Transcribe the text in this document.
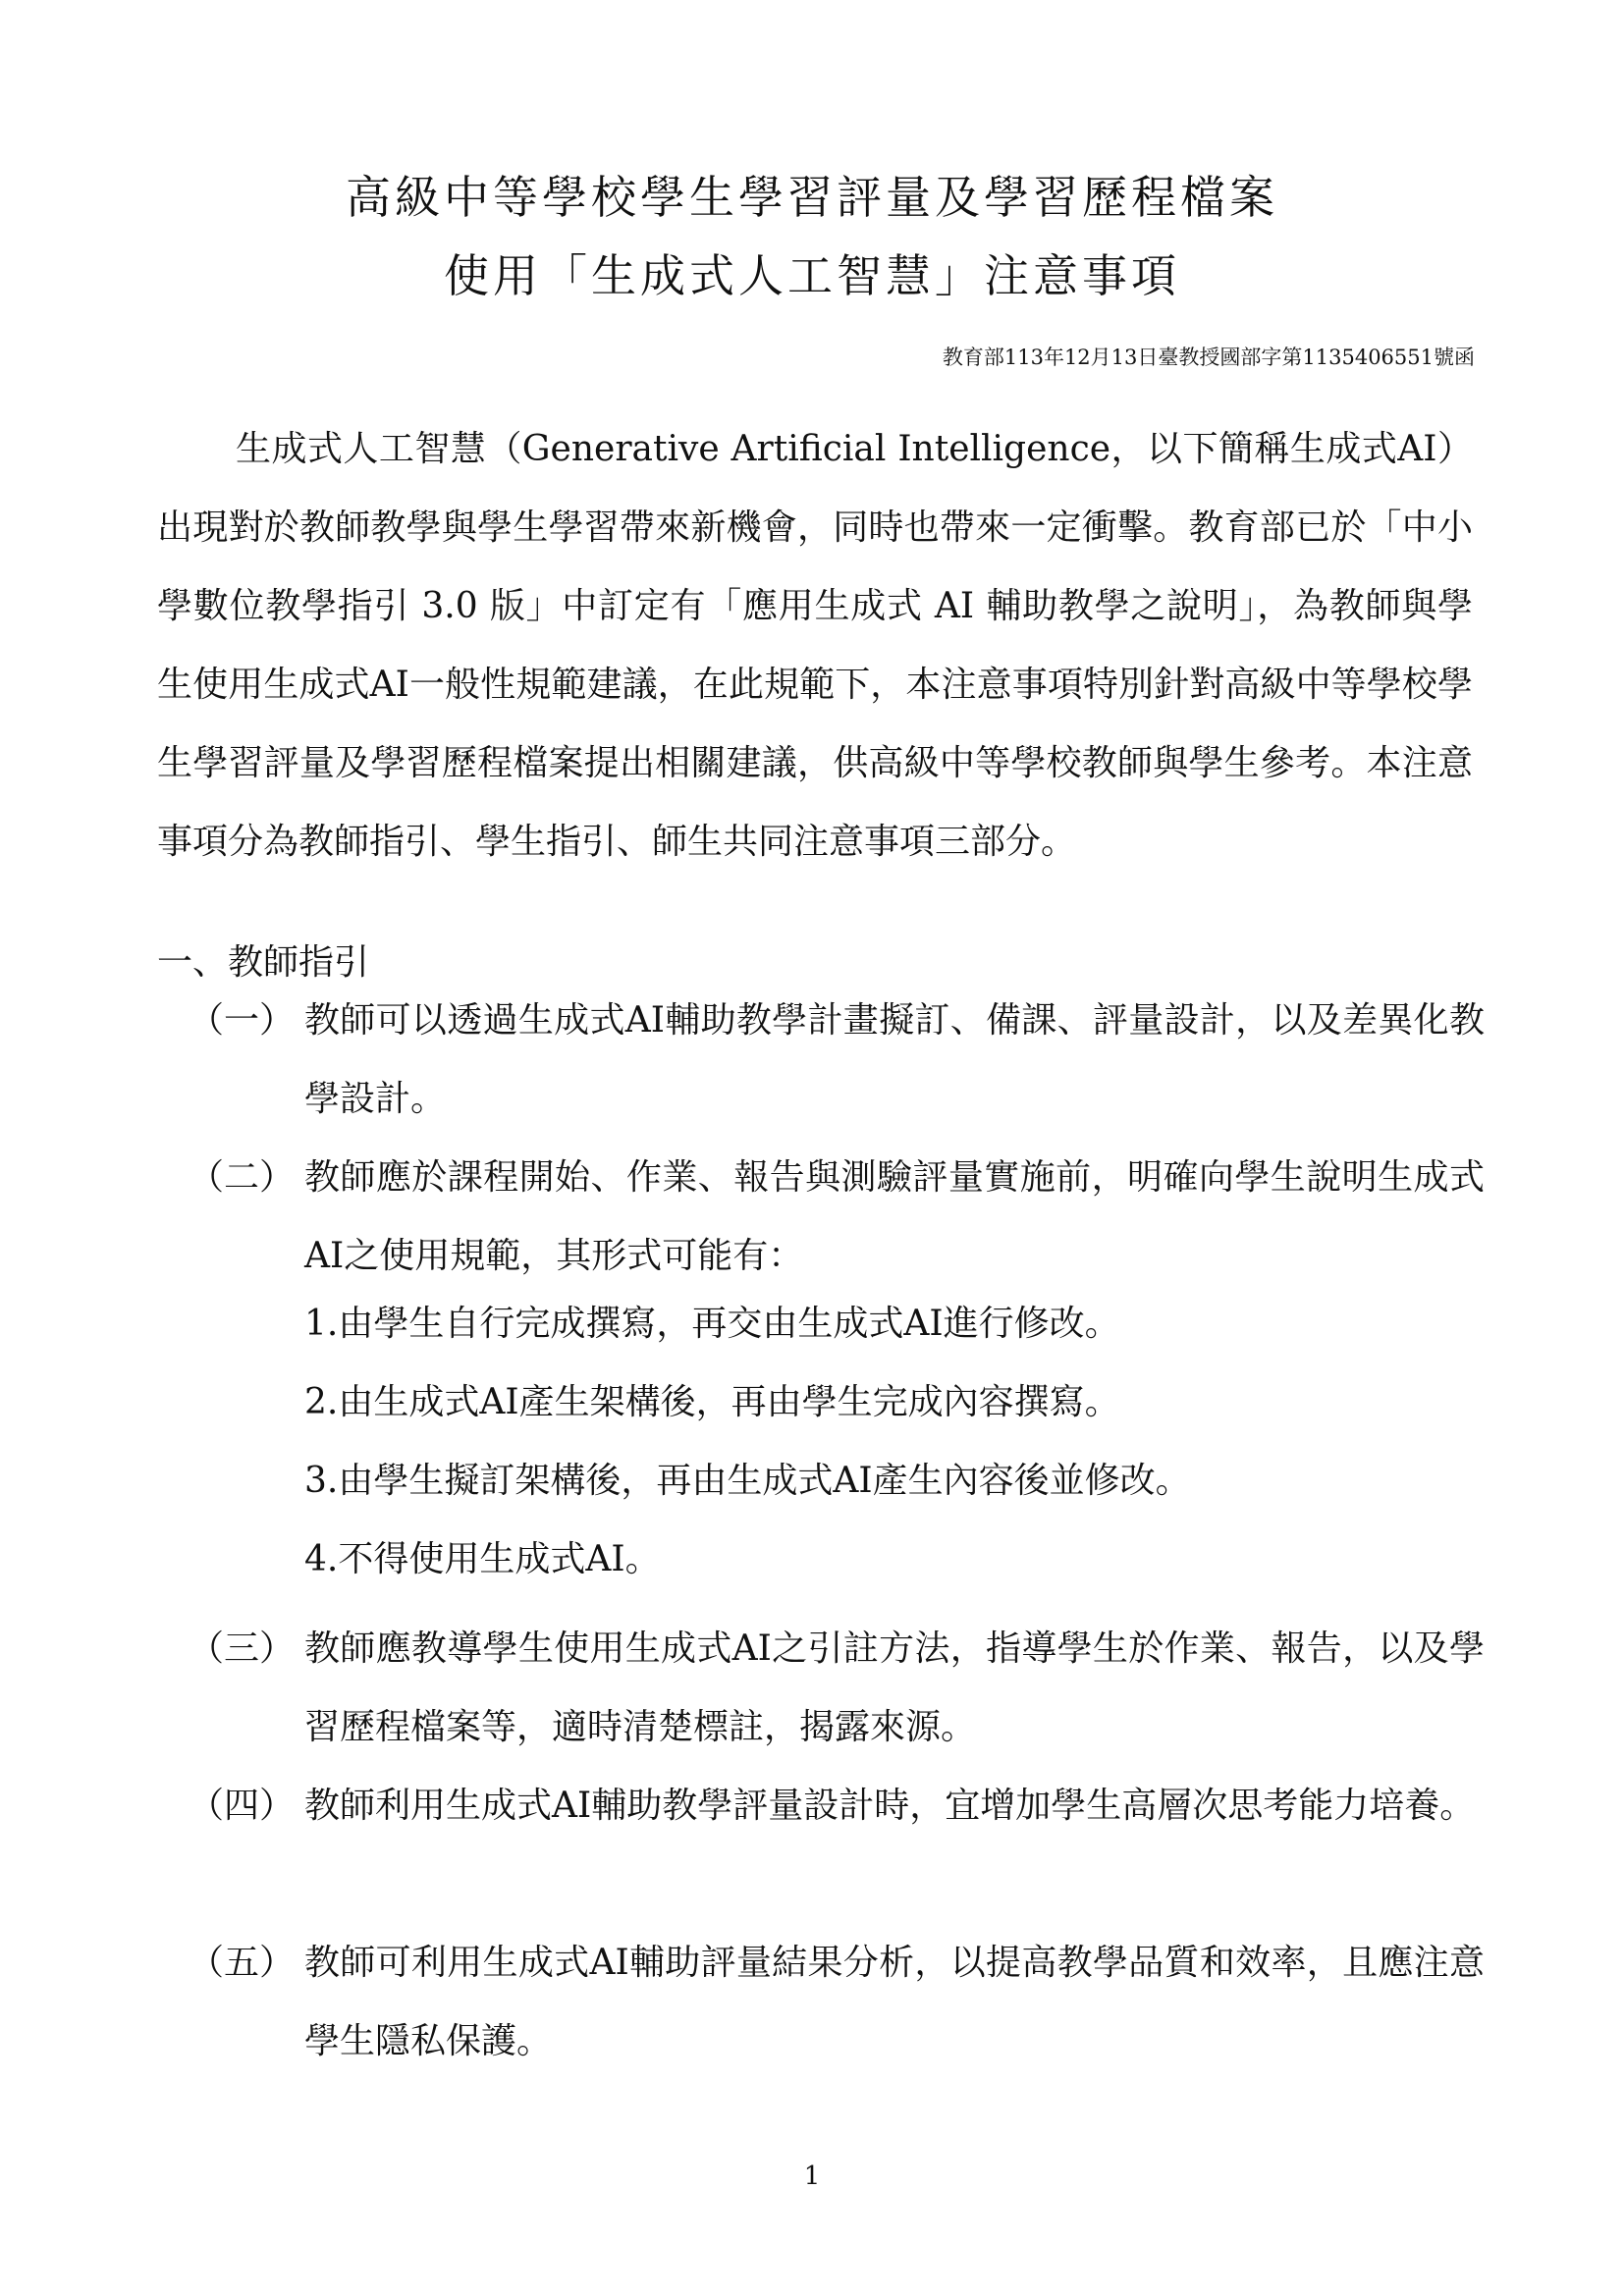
高級中等學校學生學習評量及學習歷程檔案
使用「生成式人工智慧」注意事項
教育部113年12月13日臺教授國部字第1135406551號函

生成式人工智慧（Generative Artificial Intelligence，以下簡稱生成式AI）出現對於教師教學與學生學習帶來新機會，同時也帶來一定衝擊。教育部已於「中小學數位教學指引 3.0 版」中訂定有「應用生成式 AI 輔助教學之說明」，為教師與學生使用生成式AI一般性規範建議，在此規範下，本注意事項特別針對高級中等學校學生學習評量及學習歷程檔案提出相關建議，供高級中等學校教師與學生參考。本注意事項分為教師指引、學生指引、師生共同注意事項三部分。

一、教師指引
（一） 教師可以透過生成式AI輔助教學計畫擬訂、備課、評量設計，以及差異化教學設計。
（二） 教師應於課程開始、作業、報告與測驗評量實施前，明確向學生說明生成式AI之使用規範，其形式可能有：
1.由學生自行完成撰寫，再交由生成式AI進行修改。
2.由生成式AI產生架構後，再由學生完成內容撰寫。
3.由學生擬訂架構後，再由生成式AI產生內容後並修改。
4.不得使用生成式AI。
（三） 教師應教導學生使用生成式AI之引註方法，指導學生於作業、報告，以及學習歷程檔案等，適時清楚標註，揭露來源。
（四） 教師利用生成式AI輔助教學評量設計時，宜增加學生高層次思考能力培養。
（五） 教師可利用生成式AI輔助評量結果分析，以提高教學品質和效率，且應注意學生隱私保護。
1
